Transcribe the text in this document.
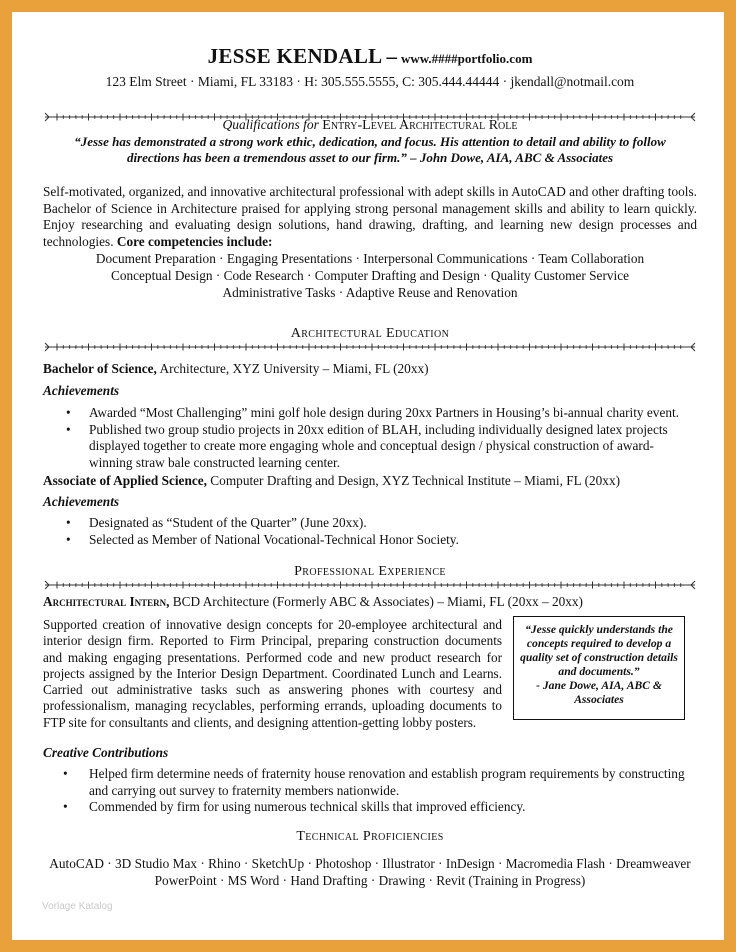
JESSE KENDALL – www.####portfolio.com
123 Elm Street · Miami, FL 33183 · H: 305.555.5555, C: 305.444.44444 · jkendall@notmail.com
Qualifications for Entry-Level Architectural Role
“Jesse has demonstrated a strong work ethic, dedication, and focus. His attention to detail and ability to follow directions has been a tremendous asset to our firm.” – John Dowe, AIA, ABC & Associates
Self-motivated, organized, and innovative architectural professional with adept skills in AutoCAD and other drafting tools. Bachelor of Science in Architecture praised for applying strong personal management skills and ability to learn quickly. Enjoy researching and evaluating design solutions, hand drawing, drafting, and learning new design processes and technologies. Core competencies include:
Document Preparation · Engaging Presentations · Interpersonal Communications · Team Collaboration
Conceptual Design · Code Research · Computer Drafting and Design · Quality Customer Service
Administrative Tasks · Adaptive Reuse and Renovation
Architectural Education
Bachelor of Science, Architecture, XYZ University – Miami, FL (20xx)
Achievements
• Awarded “Most Challenging” mini golf hole design during 20xx Partners in Housing’s bi-annual charity event.
• Published two group studio projects in 20xx edition of BLAH, including individually designed latex projects displayed together to create more engaging whole and conceptual design / physical construction of award-winning straw bale constructed learning center.
Associate of Applied Science, Computer Drafting and Design, XYZ Technical Institute – Miami, FL (20xx)
Achievements
• Designated as “Student of the Quarter” (June 20xx).
• Selected as Member of National Vocational-Technical Honor Society.
Professional Experience
Architectural Intern, BCD Architecture (Formerly ABC & Associates) – Miami, FL (20xx – 20xx)
Supported creation of innovative design concepts for 20-employee architectural and interior design firm. Reported to Firm Principal, preparing construction documents and making engaging presentations. Performed code and new product research for projects assigned by the Interior Design Department. Coordinated Lunch and Learns. Carried out administrative tasks such as answering phones with courtesy and professionalism, managing recyclables, performing errands, uploading documents to FTP site for consultants and clients, and designing attention-getting lobby posters.
“Jesse quickly understands the concepts required to develop a quality set of construction details and documents.”
- Jane Dowe, AIA, ABC & Associates
Creative Contributions
• Helped firm determine needs of fraternity house renovation and establish program requirements by constructing and carrying out survey to fraternity members nationwide.
• Commended by firm for using numerous technical skills that improved efficiency.
Technical Proficiencies
AutoCAD · 3D Studio Max · Rhino · SketchUp · Photoshop · Illustrator · InDesign · Macromedia Flash · Dreamweaver
PowerPoint · MS Word · Hand Drafting · Drawing · Revit (Training in Progress)
Vorlage Katalog
